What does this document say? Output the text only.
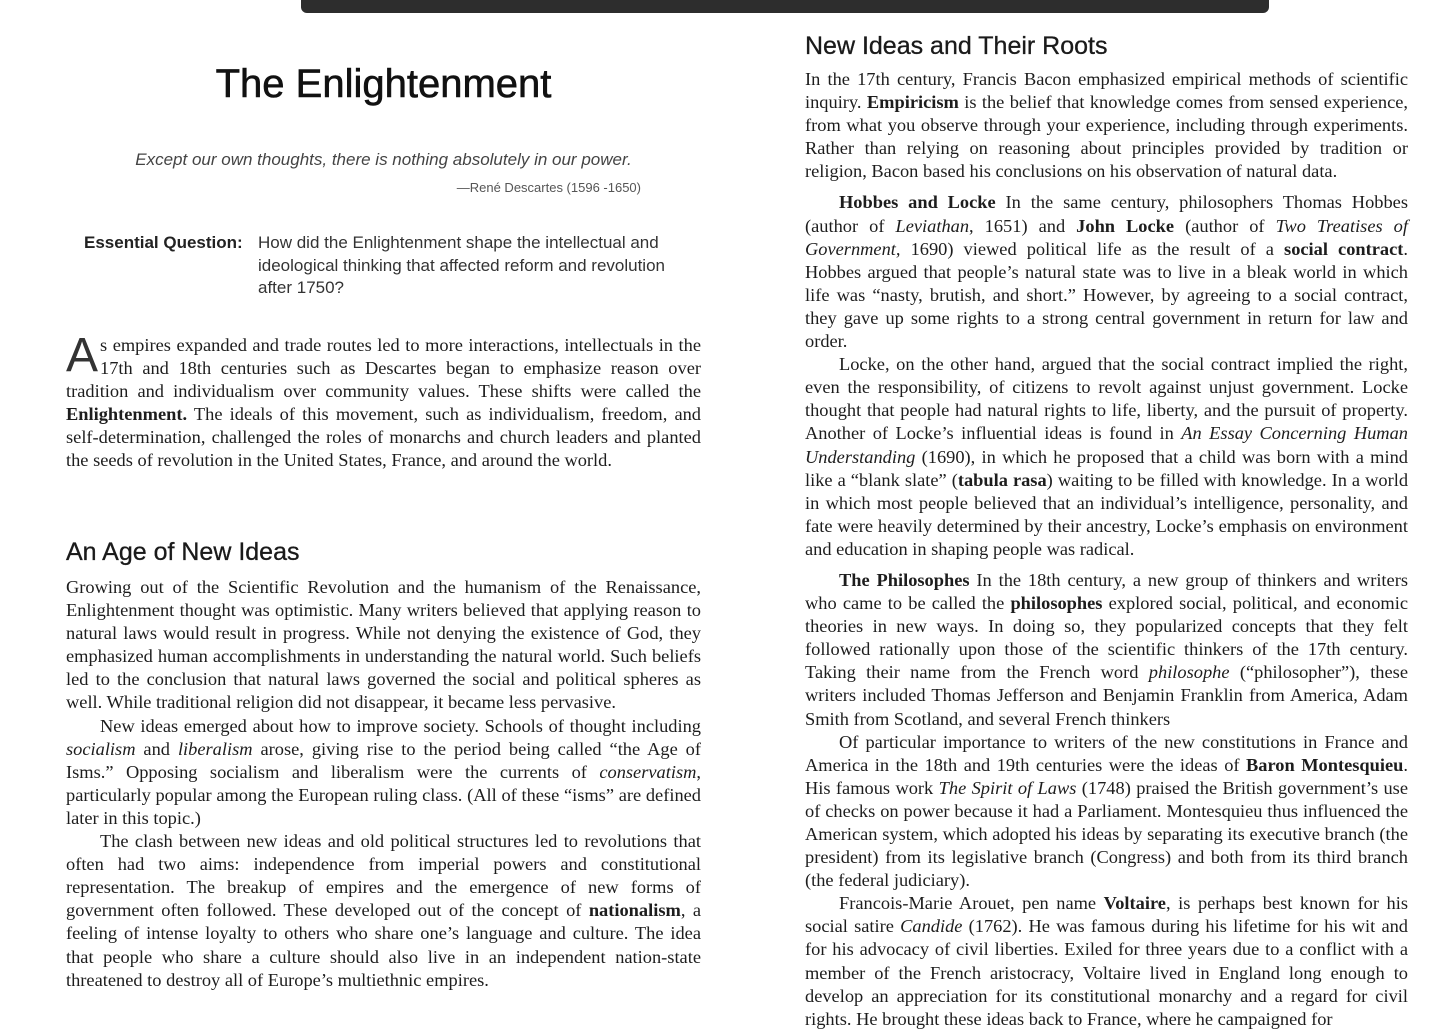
The Enlightenment
Except our own thoughts, there is nothing absolutely in our power.
—René Descartes (1596 -1650)
Essential Question: How did the Enlightenment shape the intellectual and ideological thinking that affected reform and revolution after 1750?

As empires expanded and trade routes led to more interactions, intellectuals in the 17th and 18th centuries such as Descartes began to emphasize reason over tradition and individualism over community values. These shifts were called the Enlightenment. The ideals of this movement, such as individualism, freedom, and self-determination, challenged the roles of monarchs and church leaders and planted the seeds of revolution in the United States, France, and around the world.

An Age of New Ideas

Growing out of the Scientific Revolution and the humanism of the Renaissance, Enlightenment thought was optimistic. Many writers believed that applying reason to natural laws would result in progress. While not denying the existence of God, they emphasized human accomplishments in understanding the natural world. Such beliefs led to the conclusion that natural laws governed the social and political spheres as well. While traditional religion did not disappear, it became less pervasive.

New ideas emerged about how to improve society. Schools of thought including socialism and liberalism arose, giving rise to the period being called “the Age of Isms.” Opposing socialism and liberalism were the currents of conservatism, particularly popular among the European ruling class. (All of these “isms” are defined later in this topic.)

The clash between new ideas and old political structures led to revolutions that often had two aims: independence from imperial powers and constitutional representation. The breakup of empires and the emergence of new forms of government often followed. These developed out of the concept of nationalism, a feeling of intense loyalty to others who share one’s language and culture. The idea that people who share a culture should also live in an independent nation-state threatened to destroy all of Europe’s multiethnic empires.

New Ideas and Their Roots

In the 17th century, Francis Bacon emphasized empirical methods of scientific inquiry. Empiricism is the belief that knowledge comes from sensed experience, from what you observe through your experience, including through experiments. Rather than relying on reasoning about principles provided by tradition or religion, Bacon based his conclusions on his observation of natural data.

Hobbes and Locke In the same century, philosophers Thomas Hobbes (author of Leviathan, 1651) and John Locke (author of Two Treatises of Government, 1690) viewed political life as the result of a social contract. Hobbes argued that people’s natural state was to live in a bleak world in which life was “nasty, brutish, and short.” However, by agreeing to a social contract, they gave up some rights to a strong central government in return for law and order.

Locke, on the other hand, argued that the social contract implied the right, even the responsibility, of citizens to revolt against unjust government. Locke thought that people had natural rights to life, liberty, and the pursuit of property. Another of Locke’s influential ideas is found in An Essay Concerning Human Understanding (1690), in which he proposed that a child was born with a mind like a “blank slate” (tabula rasa) waiting to be filled with knowledge. In a world in which most people believed that an individual’s intelligence, personality, and fate were heavily determined by their ancestry, Locke’s emphasis on environment and education in shaping people was radical.

The Philosophes In the 18th century, a new group of thinkers and writers who came to be called the philosophes explored social, political, and economic theories in new ways. In doing so, they popularized concepts that they felt followed rationally upon those of the scientific thinkers of the 17th century. Taking their name from the French word philosophe (“philosopher”), these writers included Thomas Jefferson and Benjamin Franklin from America, Adam Smith from Scotland, and several French thinkers

Of particular importance to writers of the new constitutions in France and America in the 18th and 19th centuries were the ideas of Baron Montesquieu. His famous work The Spirit of Laws (1748) praised the British government’s use of checks on power because it had a Parliament. Montesquieu thus influenced the American system, which adopted his ideas by separating its executive branch (the president) from its legislative branch (Congress) and both from its third branch (the federal judiciary).

Francois-Marie Arouet, pen name Voltaire, is perhaps best known for his social satire Candide (1762). He was famous during his lifetime for his wit and for his advocacy of civil liberties. Exiled for three years due to a conflict with a member of the French aristocracy, Voltaire lived in England long enough to develop an appreciation for its constitutional monarchy and a regard for civil rights. He brought these ideas back to France, where he campaigned for
